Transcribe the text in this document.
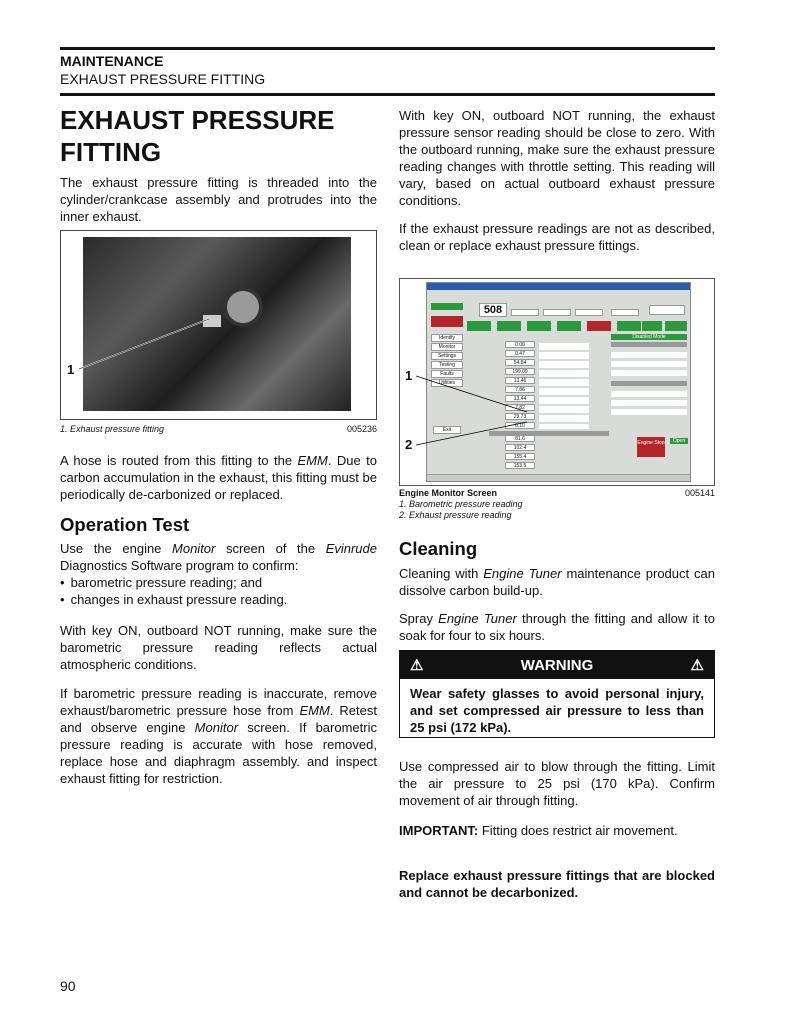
MAINTENANCE
EXHAUST PRESSURE FITTING
EXHAUST PRESSURE FITTING
The exhaust pressure fitting is threaded into the cylinder/crankcase assembly and protrudes into the inner exhaust.
1
1. Exhaust pressure fitting	005236
A hose is routed from this fitting to the EMM. Due to carbon accumulation in the exhaust, this fitting must be periodically de-carbonized or replaced.
Operation Test
Use the engine Monitor screen of the Evinrude Diagnostics Software program to confirm:
• barometric pressure reading; and
• changes in exhaust pressure reading.
With key ON, outboard NOT running, make sure the barometric pressure reading reflects actual atmospheric conditions.
If barometric pressure reading is inaccurate, remove exhaust/barometric pressure hose from EMM. Retest and observe engine Monitor screen. If barometric pressure reading is accurate with hose removed, replace hose and diaphragm assembly. and inspect exhaust fitting for restriction.
90
With key ON, outboard NOT running, the exhaust pressure sensor reading should be close to zero. With the outboard running, make sure the exhaust pressure reading changes with throttle setting. This reading will vary, based on actual outboard exhaust pressure conditions.
If the exhaust pressure readings are not as described, clean or replace exhaust pressure fittings.
508
Identify
Monitor
Settings
Testing
Faults
Utilities
Exit
0.00
0.47
54.84
199.09
13.46
7.86
13.44
7.82
29.73
0.10
81.6
102.4
155.4
153.5
Disabled Mode
Engine Stop	Open
1
2
Engine Monitor Screen	005141
1. Barometric pressure reading
2. Exhaust pressure reading
Cleaning
Cleaning with Engine Tuner maintenance product can dissolve carbon build-up.
Spray Engine Tuner through the fitting and allow it to soak for four to six hours.
⚠	WARNING	⚠
Wear safety glasses to avoid personal injury, and set compressed air pressure to less than 25 psi (172 kPa).
Use compressed air to blow through the fitting. Limit the air pressure to 25 psi (170 kPa). Confirm movement of air through fitting.
IMPORTANT: Fitting does restrict air movement.
Replace exhaust pressure fittings that are blocked and cannot be decarbonized.
